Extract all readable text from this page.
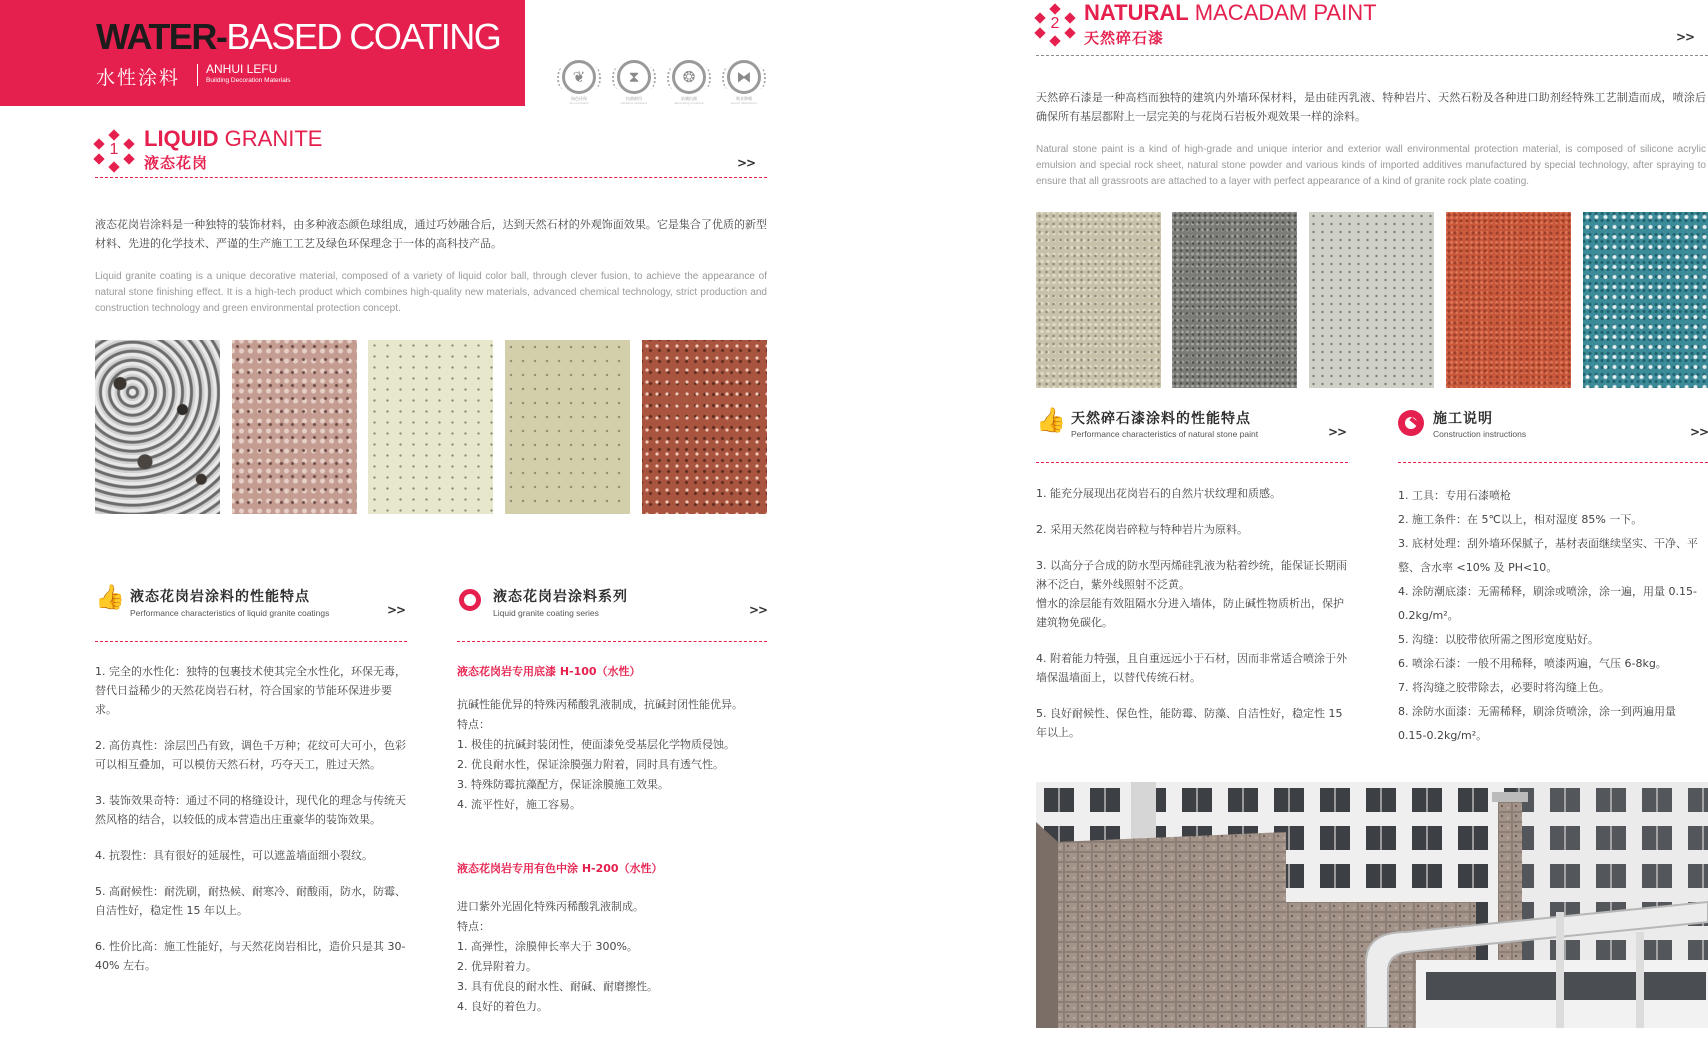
WATER-BASED COATING
水性涂料 ANHUI LEFU
Building Decoration Materials	❦
绿色环保
environment
⧗
抗菌耐用
bacteria resistant
❂
防潮抗菌
absorbing moisture
⧓
吸音降噪
sound absorption
1	LIQUID GRANITE
液态花岗	>>
液态花岗岩涂料是一种独特的装饰材料，由多种液态颜色球组成，通过巧妙融合后，达到天然石材的外观饰面效果。它是集合了优质的新型材料、先进的化学技术、严谨的生产施工工艺及绿色环保理念于一体的高科技产品。
Liquid granite coating is a unique decorative material, composed of a variety of liquid color ball, through clever fusion, to achieve the appearance of natural stone finishing effect. It is a high-tech product which combines high-quality new materials, advanced chemical technology, strict production and construction technology and green environmental protection concept.
👍 液态花岗岩涂料的性能特点
Performance characteristics of liquid granite coatings	>>
1. 完全的水性化：独特的包裹技术使其完全水性化，环保无毒，替代日益稀少的天然花岗岩石材，符合国家的节能环保进步要求。
2. 高仿真性：涂层凹凸有致，调色千万种；花纹可大可小，色彩可以相互叠加，可以模仿天然石材，巧夺天工，胜过天然。
3. 装饰效果奇特：通过不同的格缝设计，现代化的理念与传统天然风格的结合，以较低的成本营造出庄重豪华的装饰效果。
4. 抗裂性：具有很好的延展性，可以遮盖墙面细小裂纹。
5. 高耐候性：耐洗刷，耐热候、耐寒冷、耐酸雨，防水，防霉、自洁性好，稳定性 15 年以上。
6. 性价比高：施工性能好，与天然花岗岩相比，造价只是其 30-40% 左右。
液态花岗岩涂料系列
Liquid granite coating series	>>
液态花岗岩专用底漆 H-100（水性）
抗碱性能优异的特殊丙稀酸乳液制成，抗碱封闭性能优异。
特点：
1. 极佳的抗碱封装闭性，使面漆免受基层化学物质侵蚀。
2. 优良耐水性，保证涂膜强力附着，同时具有透气性。
3. 特殊防霉抗藻配方，保证涂膜施工效果。
4. 流平性好，施工容易。
液态花岗岩专用有色中涂 H-200（水性）
进口紫外光固化特殊丙稀酸乳液制成。
特点：
1. 高弹性，涂膜伸长率大于 300%。
2. 优异附着力。
3. 具有优良的耐水性、耐碱、耐磨擦性。
4. 良好的着色力。
2	NATURAL MACADAM PAINT
天然碎石漆	>>
天然碎石漆是一种高档而独特的建筑内外墙环保材料，是由硅丙乳液、特种岩片、天然石粉及各种进口助剂经特殊工艺制造而成，喷涂后确保所有基层都附上一层完美的与花岗石岩板外观效果一样的涂料。
Natural stone paint is a kind of high-grade and unique interior and exterior wall environmental protection material, is composed of silicone acrylic emulsion and special rock sheet, natural stone powder and various kinds of imported additives manufactured by special technology, after spraying to ensure that all grassroots are attached to a layer with perfect appearance of a kind of granite rock plate coating.
👍 天然碎石漆涂料的性能特点
Performance characteristics of natural stone paint	>>
1. 能充分展现出花岗岩石的自然片状纹理和质感。
2. 采用天然花岗岩碎粒与特种岩片为原料。
3. 以高分子合成的防水型丙烯硅乳液为粘着纱统，能保证长期雨淋不泛白，紫外线照射不泛黄。
憎水的涂层能有效阻隔水分进入墙体，防止碱性物质析出，保护建筑物免碳化。
4. 附着能力特强，且自重远远小于石材，因而非常适合喷涂于外墙保温墙面上，以替代传统石材。
5. 良好耐候性、保色性，能防霉、防藻、自洁性好，稳定性 15 年以上。
施工说明
Construction instructions	>>
1. 工具：专用石漆喷枪
2. 施工条件：在 5℃以上，相对湿度 85% 一下。
3. 底材处理：刮外墙环保腻子，基材表面继续坚实、干净、平整、含水率 <10% 及 PH<10。
4. 涂防潮底漆：无需稀释，刷涂或喷涂，涂一遍，用量 0.15-0.2kg/m²。
5. 沟缝：以胶带依所需之图形宽度贴好。
6. 喷涂石漆：一般不用稀释，喷漆两遍，气压 6-8kg。
7. 将沟缝之胶带除去，必要时将沟缝上色。
8. 涂防水面漆：无需稀释，刷涂货喷涂，涂一到两遍用量 0.15-0.2kg/m²。
